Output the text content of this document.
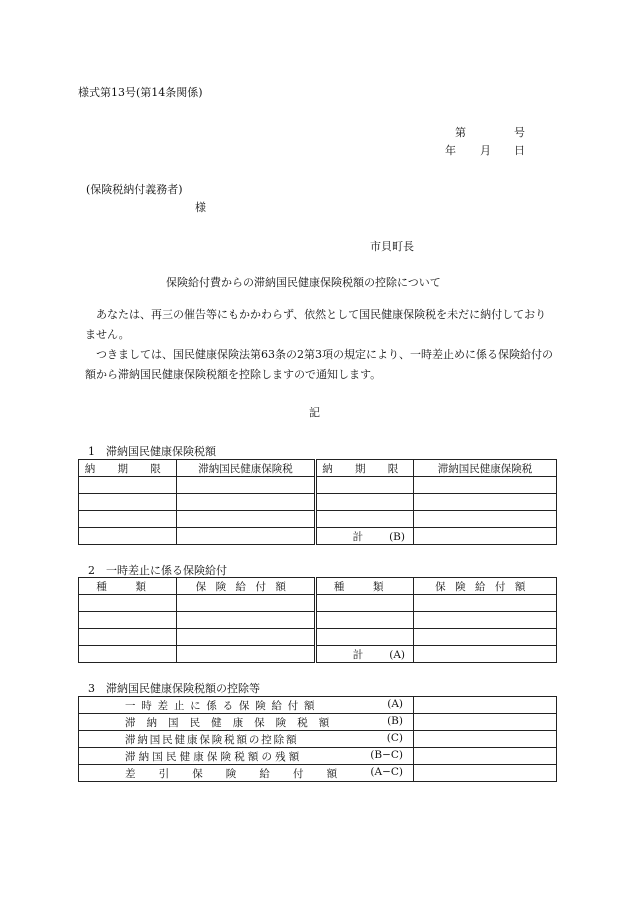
様式第13号(第14条関係)
第	号
年 月 日
(保険税納付義務者)
様
市貝町長
保険給付費からの滞納国民健康保険税額の控除について
あなたは、再三の催告等にもかかわらず、依然として国民健康保険税を未だに納付しておりません。
つきましては、国民健康保険法第63条の2第3項の規定により、一時差止めに係る保険給付の額から滞納国民健康保険税額を控除しますので通知します。
記
1　滞納国民健康保険税額
納 期 限	滞納国民健康保険税	納 期 限	滞納国民健康保険税

		計 (B)	
2　一時差止に係る保険給付
種 類	保険給付額	種 類	保険給付額

		計 (A)	
3　滞納国民健康保険税額の控除等
一時差止に係る保険給付額 (A)	

滞納国民健康保険税額 (B)	

滞納国民健康保険税額の控除額 (C)	

滞納国民健康保険税額の残額 (B−C)	

差引保険給付額 (A−C)	
